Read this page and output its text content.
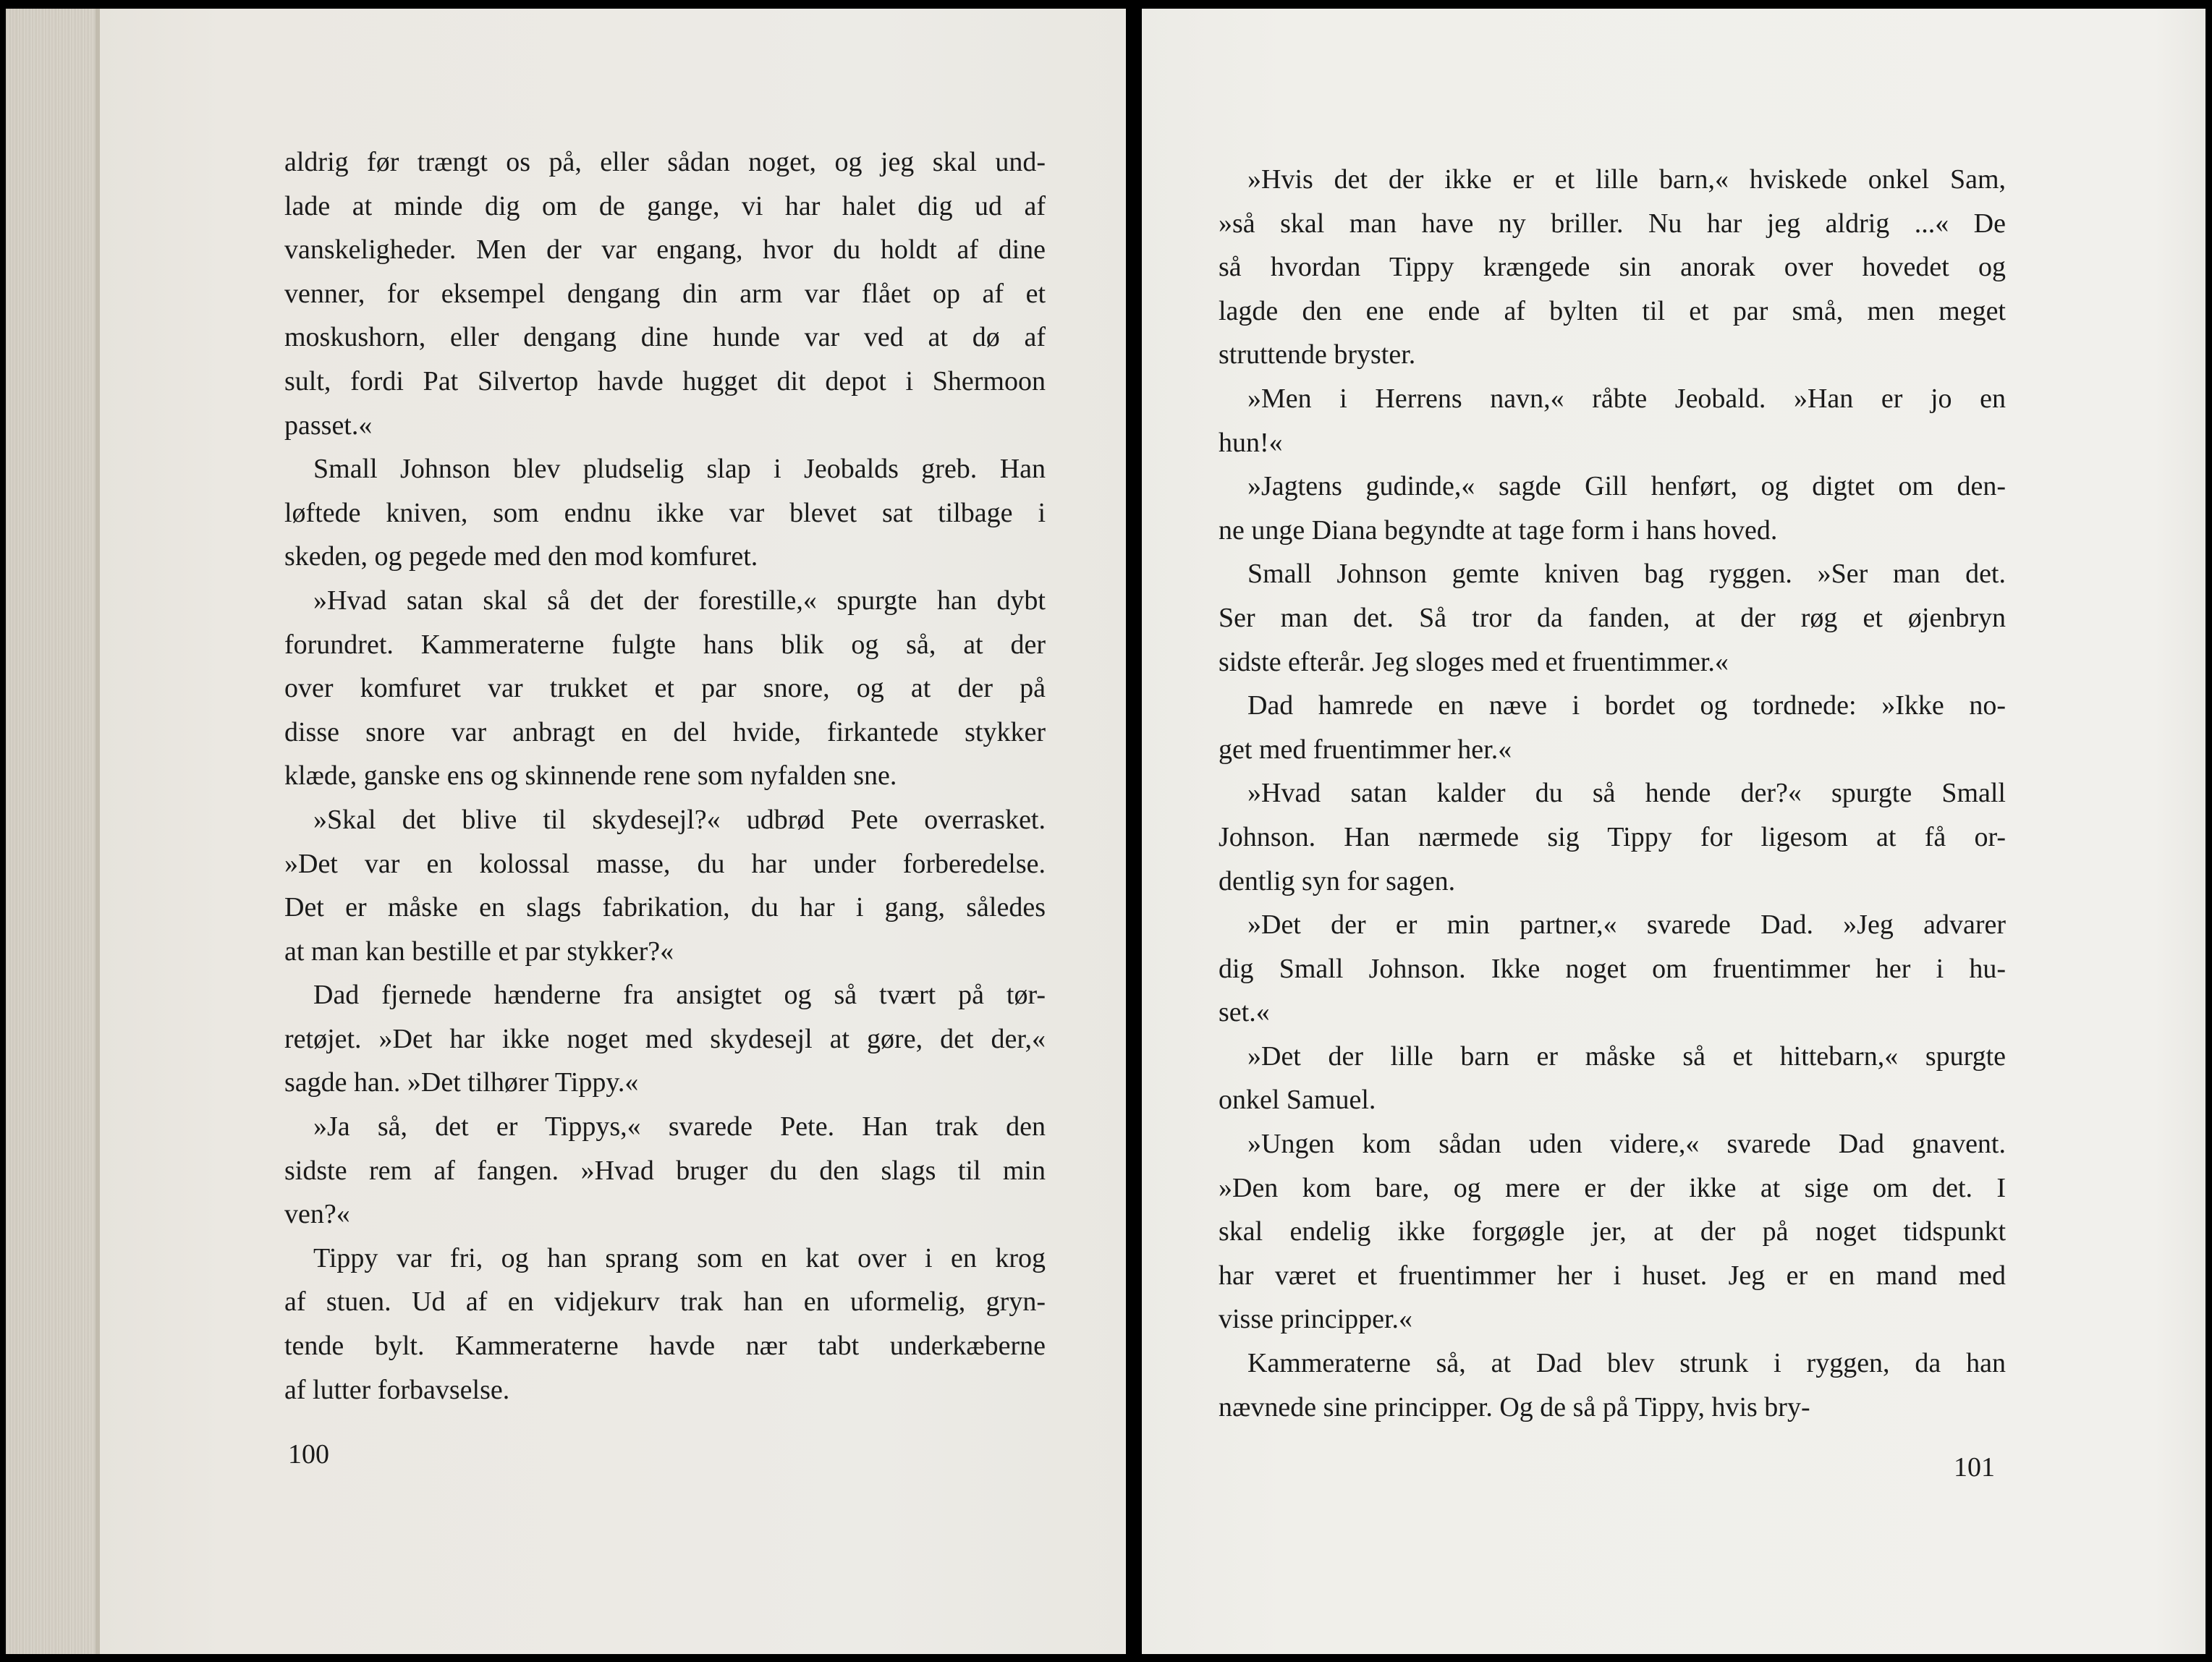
aldrig før trængt os på, eller sådan noget, og jeg skal und-
lade at minde dig om de gange, vi har halet dig ud af
vanskeligheder. Men der var engang, hvor du holdt af dine
venner, for eksempel dengang din arm var flået op af et
moskushorn, eller dengang dine hunde var ved at dø af
sult, fordi Pat Silvertop havde hugget dit depot i Shermoon
passet.«
Small Johnson blev pludselig slap i Jeobalds greb. Han
løftede kniven, som endnu ikke var blevet sat tilbage i
skeden, og pegede med den mod komfuret.
»Hvad satan skal så det der forestille,« spurgte han dybt
forundret. Kammeraterne fulgte hans blik og så, at der
over komfuret var trukket et par snore, og at der på
disse snore var anbragt en del hvide, firkantede stykker
klæde, ganske ens og skinnende rene som nyfalden sne.
»Skal det blive til skydesejl?« udbrød Pete overrasket.
»Det var en kolossal masse, du har under forberedelse.
Det er måske en slags fabrikation, du har i gang, således
at man kan bestille et par stykker?«
Dad fjernede hænderne fra ansigtet og så tvært på tør-
retøjet. »Det har ikke noget med skydesejl at gøre, det der,«
sagde han. »Det tilhører Tippy.«
»Ja så, det er Tippys,« svarede Pete. Han trak den
sidste rem af fangen. »Hvad bruger du den slags til min
ven?«
Tippy var fri, og han sprang som en kat over i en krog
af stuen. Ud af en vidjekurv trak han en uformelig, gryn-
tende bylt. Kammeraterne havde nær tabt underkæberne
af lutter forbavselse.
100
»Hvis det der ikke er et lille barn,« hviskede onkel Sam,
»så skal man have ny briller. Nu har jeg aldrig ...« De
så hvordan Tippy krængede sin anorak over hovedet og
lagde den ene ende af bylten til et par små, men meget
struttende bryster.
»Men i Herrens navn,« råbte Jeobald. »Han er jo en
hun!«
»Jagtens gudinde,« sagde Gill henført, og digtet om den-
ne unge Diana begyndte at tage form i hans hoved.
Small Johnson gemte kniven bag ryggen. »Ser man det.
Ser man det. Så tror da fanden, at der røg et øjenbryn
sidste efterår. Jeg sloges med et fruentimmer.«
Dad hamrede en næve i bordet og tordnede: »Ikke no-
get med fruentimmer her.«
»Hvad satan kalder du så hende der?« spurgte Small
Johnson. Han nærmede sig Tippy for ligesom at få or-
dentlig syn for sagen.
»Det der er min partner,« svarede Dad. »Jeg advarer
dig Small Johnson. Ikke noget om fruentimmer her i hu-
set.«
»Det der lille barn er måske så et hittebarn,« spurgte
onkel Samuel.
»Ungen kom sådan uden videre,« svarede Dad gnavent.
»Den kom bare, og mere er der ikke at sige om det. I
skal endelig ikke forgøgle jer, at der på noget tidspunkt
har været et fruentimmer her i huset. Jeg er en mand med
visse principper.«
Kammeraterne så, at Dad blev strunk i ryggen, da han
nævnede sine principper. Og de så på Tippy, hvis bry-
101
